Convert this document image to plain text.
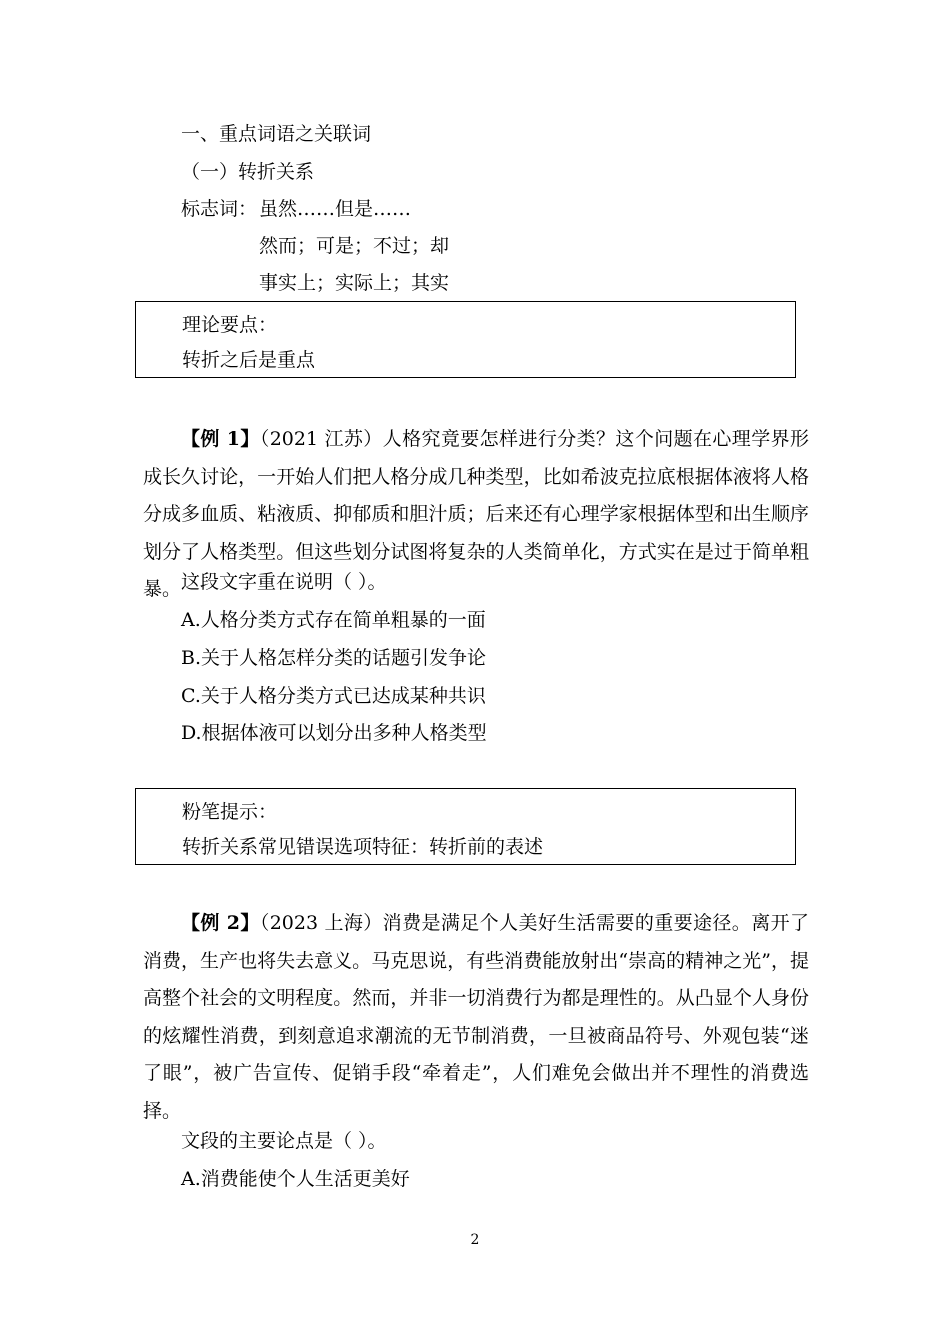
一、重点词语之关联词
（一）转折关系
标志词： 虽然……但是……
然而；可是；不过；却
事实上；实际上；其实
理论要点：
转折之后是重点

【例 1】（2021 江苏）人格究竟要怎样进行分类？这个问题在心理学界形成长久讨论，一开始人们把人格分成几种类型，比如希波克拉底根据体液将人格分成多血质、粘液质、抑郁质和胆汁质；后来还有心理学家根据体型和出生顺序划分了人格类型。但这些划分试图将复杂的人类简单化，方式实在是过于简单粗暴。 这段文字重在说明（ ）。
A.人格分类方式存在简单粗暴的一面
B.关于人格怎样分类的话题引发争论
C.关于人格分类方式已达成某种共识
D.根据体液可以划分出多种人格类型
粉笔提示：
转折关系常见错误选项特征：转折前的表述

【例 2】（2023 上海）消费是满足个人美好生活需要的重要途径。离开了消费，生产也将失去意义。马克思说，有些消费能放射出“崇高的精神之光”，提高整个社会的文明程度。然而，并非一切消费行为都是理性的。从凸显个人身份的炫耀性消费，到刻意追求潮流的无节制消费，一旦被商品符号、外观包装“迷了眼”，被广告宣传、促销手段“牵着走”，人们难免会做出并不理性的消费选择。

文段的主要论点是（ ）。
A.消费能使个人生活更美好
2
